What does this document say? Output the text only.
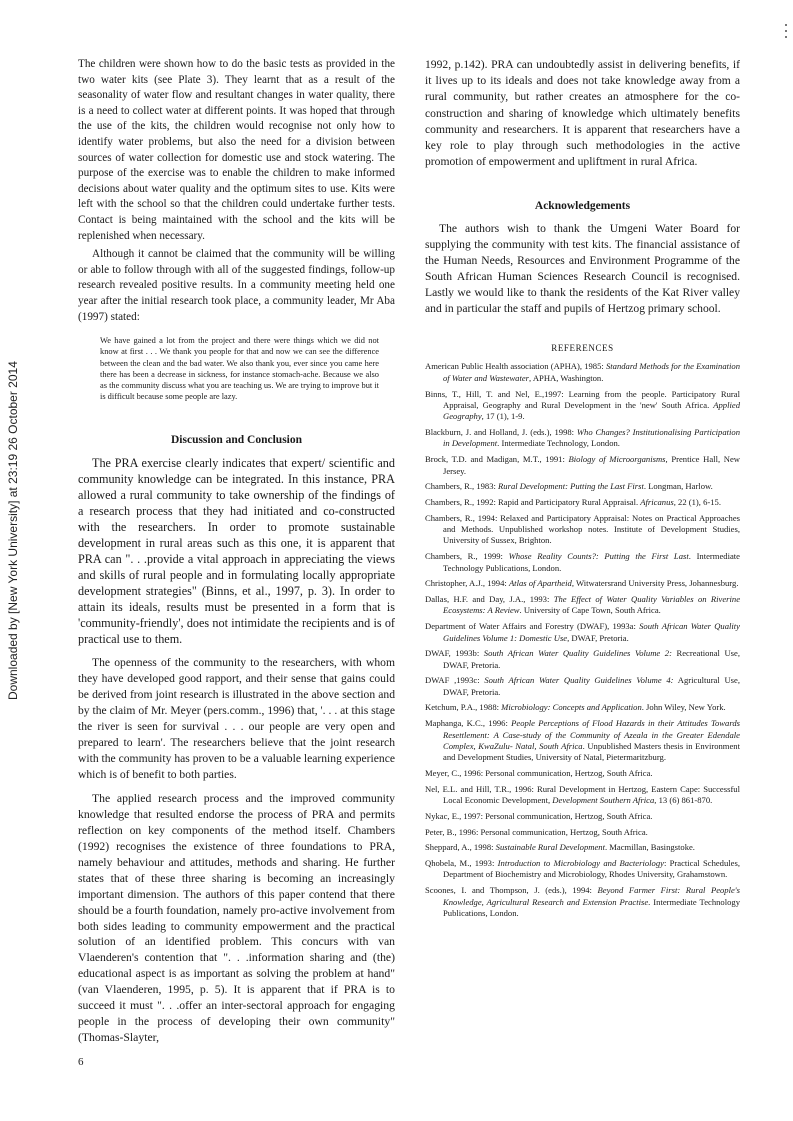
Downloaded by [New York University] at 23:19 26 October 2014

The children were shown how to do the basic tests as provided in the two water kits (see Plate 3). They learnt that as a result of the seasonality of water flow and resultant changes in water quality, there is a need to collect water at different points. It was hoped that through the use of the kits, the children would recognise not only how to identify water problems, but also the need for a division between sources of water collection for domestic use and stock watering. The purpose of the exercise was to enable the children to make informed decisions about water quality and the optimum sites to use. Kits were left with the school so that the children could undertake further tests. Contact is being maintained with the school and the kits will be replenished when necessary.

Although it cannot be claimed that the community will be willing or able to follow through with all of the suggested findings, follow-up research revealed positive results. In a community meeting held one year after the initial research took place, a community leader, Mr Aba (1997) stated:

We have gained a lot from the project and there were things which we did not know at first . . . We thank you people for that and now we can see the difference between the clean and the bad water. We also thank you, ever since you came here there has been a decrease in sickness, for instance stomach-ache. Because we also as the community discuss what you are teaching us. We are trying to improve but it is difficult because some people are lazy.

Discussion and Conclusion

The PRA exercise clearly indicates that expert/ scientific and community knowledge can be integrated. In this instance, PRA allowed a rural community to take ownership of the findings of a research process that they had initiated and co-constructed with the researchers. In order to promote sustainable development in rural areas such as this one, it is apparent that PRA can ". . .provide a vital approach in appreciating the views and skills of rural people and in formulating locally appropriate development strategies" (Binns, et al., 1997, p. 3). In order to attain its ideals, results must be presented in a form that is 'community-friendly', does not intimidate the recipients and is of practical use to them.

The openness of the community to the researchers, with whom they have developed good rapport, and their sense that gains could be derived from joint research is illustrated in the above section and by the claim of Mr. Meyer (pers.comm., 1996) that, '. . . at this stage the river is seen for survival . . . our people are very open and prepared to learn'. The researchers believe that the joint research with the community has proven to be a valuable learning experience which is of benefit to both parties.

The applied research process and the improved community knowledge that resulted endorse the process of PRA and permits reflection on key components of the method itself. Chambers (1992) recognises the existence of three foundations to PRA, namely behaviour and attitudes, methods and sharing. He further states that of these three sharing is becoming an increasingly important dimension. The authors of this paper contend that there should be a fourth foundation, namely pro-active involvement from both sides leading to community empowerment and the practical solution of an identified problem. This concurs with van Vlaenderen's contention that ". . .information sharing and (the) educational aspect is as important as solving the problem at hand" (van Vlaenderen, 1995, p. 5). It is apparent that if PRA is to succeed it must ". . .offer an inter-sectoral approach for engaging people in the process of developing their own community" (Thomas-Slayter,

1992, p.142). PRA can undoubtedly assist in delivering benefits, if it lives up to its ideals and does not take knowledge away from a rural community, but rather creates an atmosphere for the co-construction and sharing of knowledge which ultimately benefits community and researchers. It is apparent that researchers have a key role to play through such methodologies in the active promotion of empowerment and upliftment in rural Africa.

Acknowledgements

The authors wish to thank the Umgeni Water Board for supplying the community with test kits. The financial assistance of the Human Needs, Resources and Environment Programme of the South African Human Sciences Research Council is recognised. Lastly we would like to thank the residents of the Kat River valley and in particular the staff and pupils of Hertzog primary school.

REFERENCES

American Public Health association (APHA), 1985: Standard Methods for the Examination of Water and Wastewater, APHA, Washington.
Binns, T., Hill, T. and Nel, E.,1997: Learning from the people. Participatory Rural Appraisal, Geography and Rural Development in the 'new' South Africa. Applied Geography, 17 (1), 1-9.
Blackburn, J. and Holland, J. (eds.), 1998: Who Changes? Institutionalising Participation in Development. Intermediate Technology, London.
Brock, T.D. and Madigan, M.T., 1991: Biology of Microorganisms, Prentice Hall, New Jersey.
Chambers, R., 1983: Rural Development: Putting the Last First. Longman, Harlow.
Chambers, R., 1992: Rapid and Participatory Rural Appraisal. Africanus, 22 (1), 6-15.
Chambers, R., 1994: Relaxed and Participatory Appraisal: Notes on Practical Approaches and Methods. Unpublished workshop notes. Institute of Development Studies, University of Sussex, Brighton.
Chambers, R., 1999: Whose Reality Counts?: Putting the First Last. Intermediate Technology Publications, London.
Christopher, A.J., 1994: Atlas of Apartheid, Witwatersrand University Press, Johannesburg.
Dallas, H.F. and Day, J.A., 1993: The Effect of Water Quality Variables on Riverine Ecosystems: A Review. University of Cape Town, South Africa.
Department of Water Affairs and Forestry (DWAF), 1993a: South African Water Quality Guidelines Volume 1: Domestic Use, DWAF, Pretoria.
DWAF, 1993b: South African Water Quality Guidelines Volume 2: Recreational Use, DWAF, Pretoria.
DWAF ,1993c: South African Water Quality Guidelines Volume 4: Agricultural Use, DWAF, Pretoria.
Ketchum, P.A., 1988: Microbiology: Concepts and Application. John Wiley, New York.
Maphanga, K.C., 1996: People Perceptions of Flood Hazards in their Attitudes Towards Resettlement: A Case-study of the Community of Azeala in the Greater Edendale Complex, KwaZulu- Natal, South Africa. Unpublished Masters thesis in Environment and Development Studies, University of Natal, Pietermaritzburg.
Meyer, C., 1996: Personal communication, Hertzog, South Africa.
Nel, E.L. and Hill, T.R., 1996: Rural Development in Hertzog, Eastern Cape: Successful Local Economic Development, Development Southern Africa, 13 (6) 861-870.
Nykac, E., 1997: Personal communication, Hertzog, South Africa.
Peter, B., 1996: Personal communication, Hertzog, South Africa.
Sheppard, A., 1998: Sustainable Rural Development. Macmillan, Basingstoke.
Qhobela, M., 1993: Introduction to Microbiology and Bacteriology: Practical Schedules, Department of Biochemistry and Microbiology, Rhodes University, Grahamstown.
Scoones, I. and Thompson, J. (eds.), 1994: Beyond Farmer First: Rural People's Knowledge, Agricultural Research and Extension Practise. Intermediate Technology Publications, London.
6
